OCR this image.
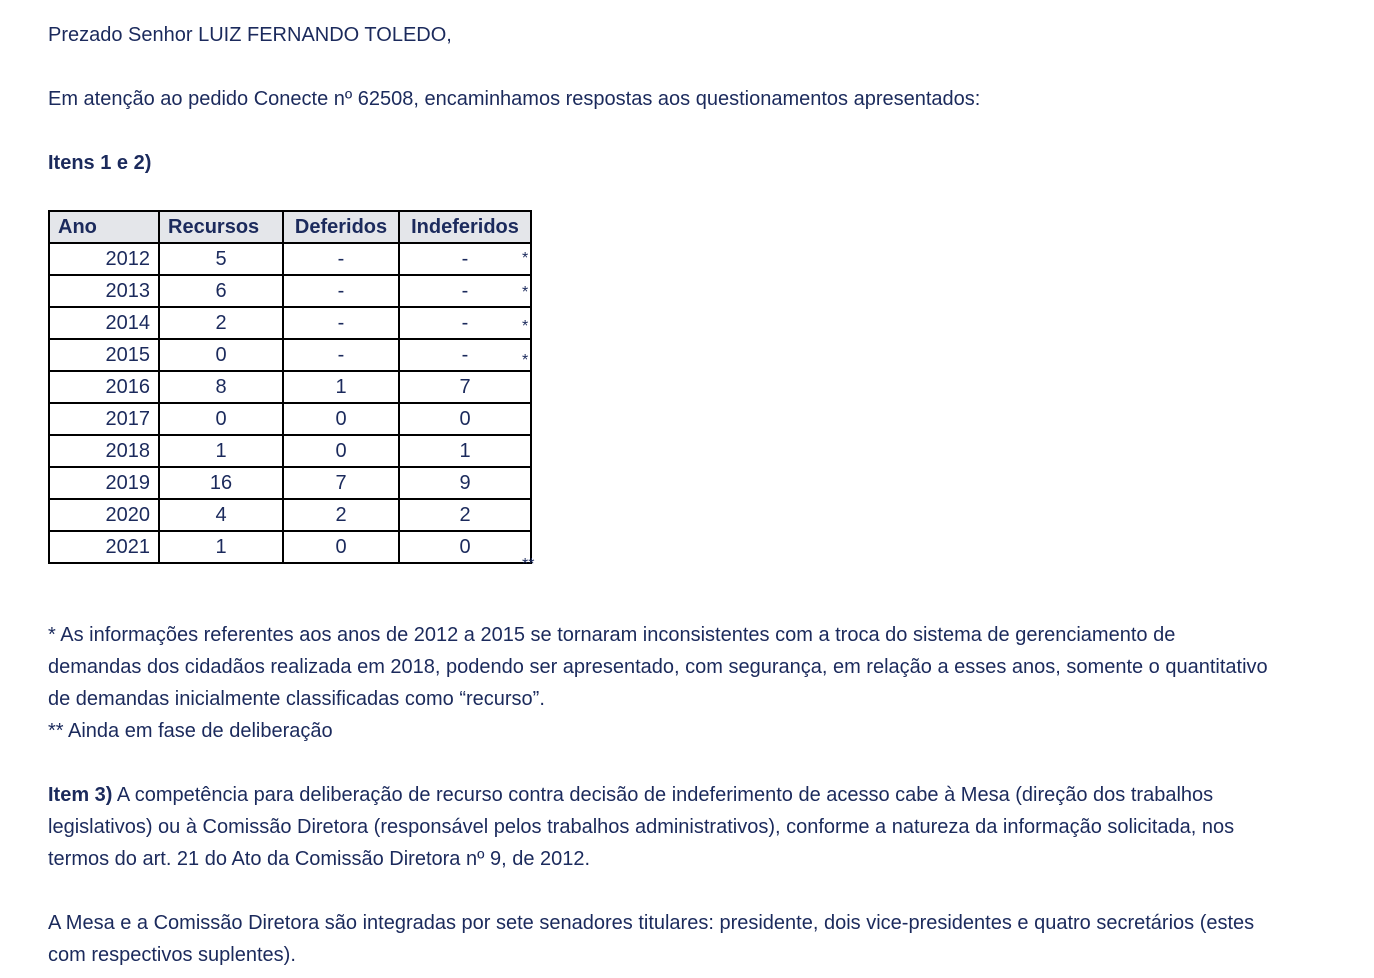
Prezado Senhor LUIZ FERNANDO TOLEDO,

Em atenção ao pedido Conecte nº 62508, encaminhamos respostas aos questionamentos apresentados:

Itens 1 e 2)

Ano	Recursos	Deferidos	Indeferidos
2012	5	-	-
2013	6	-	-
2014	2	-	-
2015	0	-	-
2016	8	1	7
2017	0	0	0
2018	1	0	1
2019	16	7	9
2020	4	2	2
2021	1	0	0
*
*
*
*
**

* As informações referentes aos anos de 2012 a 2015 se tornaram inconsistentes com a troca do sistema de gerenciamento de

demandas dos cidadãos realizada em 2018, podendo ser apresentado, com segurança, em relação a esses anos, somente o quantitativo

de demandas inicialmente classificadas como “recurso”.

** Ainda em fase de deliberação

Item 3) A competência para deliberação de recurso contra decisão de indeferimento de acesso cabe à Mesa (direção dos trabalhos

legislativos) ou à Comissão Diretora (responsável pelos trabalhos administrativos), conforme a natureza da informação solicitada, nos

termos do art. 21 do Ato da Comissão Diretora nº 9, de 2012.

A Mesa e a Comissão Diretora são integradas por sete senadores titulares: presidente, dois vice-presidentes e quatro secretários (estes

com respectivos suplentes).
